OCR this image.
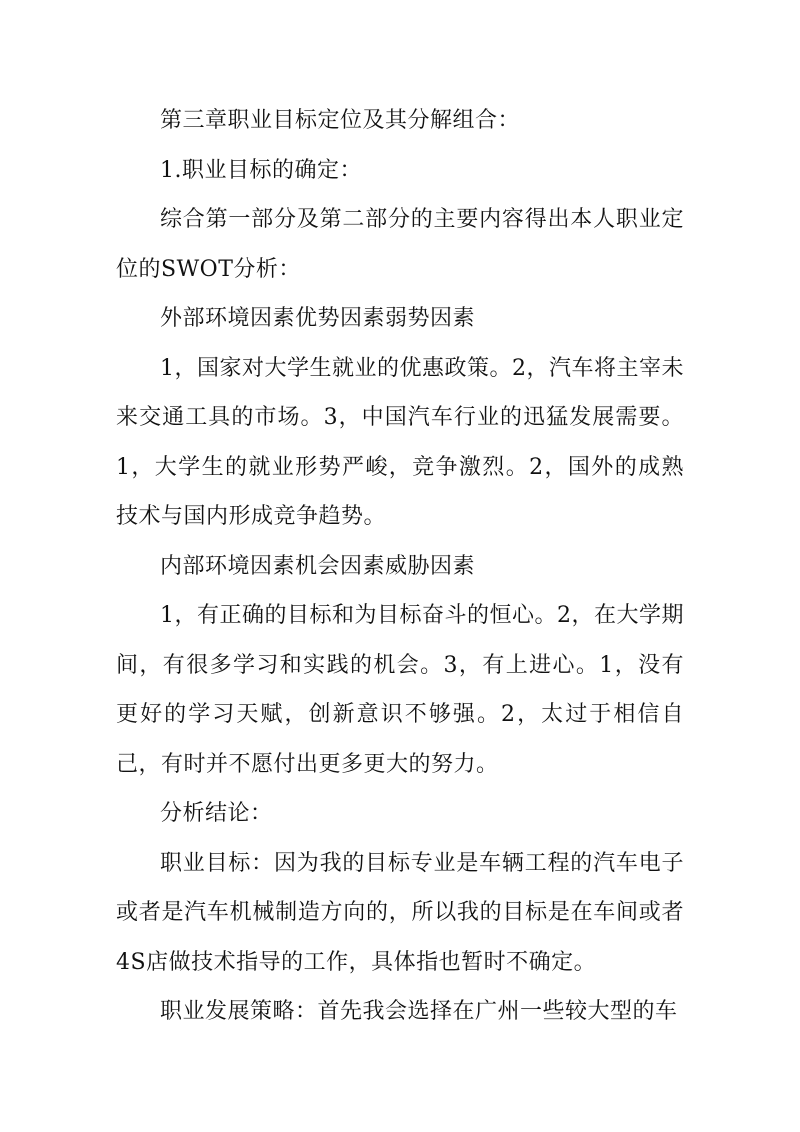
第三章职业目标定位及其分解组合：

1.职业目标的确定：

综合第一部分及第二部分的主要内容得出本人职业定位的SWOT分析：

外部环境因素优势因素弱势因素

1，国家对大学生就业的优惠政策。2，汽车将主宰未来交通工具的市场。3，中国汽车行业的迅猛发展需要。1，大学生的就业形势严峻，竞争激烈。2，国外的成熟技术与国内形成竞争趋势。

内部环境因素机会因素威胁因素

1，有正确的目标和为目标奋斗的恒心。2，在大学期间，有很多学习和实践的机会。3，有上进心。1，没有更好的学习天赋，创新意识不够强。2，太过于相信自己，有时并不愿付出更多更大的努力。

分析结论：

职业目标：因为我的目标专业是车辆工程的汽车电子或者是汽车机械制造方向的，所以我的目标是在车间或者4S店做技术指导的工作，具体指也暂时不确定。

职业发展策略：首先我会选择在广州一些较大型的车
